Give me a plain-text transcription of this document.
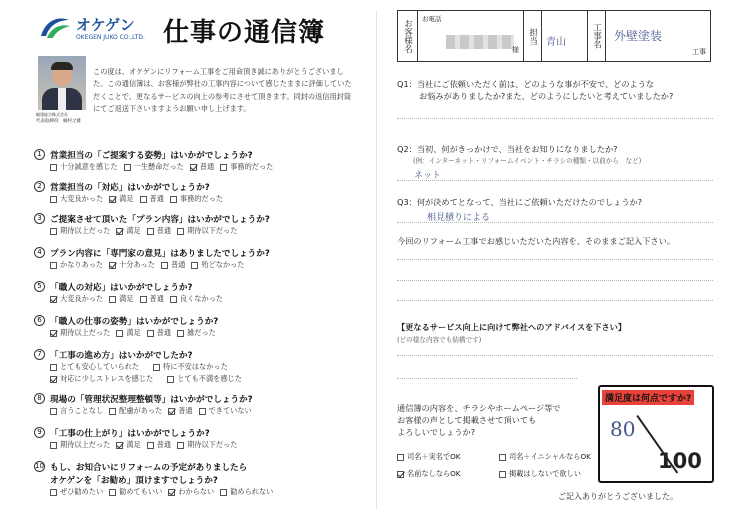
オケゲン
OKEGEN JUKO CO.,LTD. 仕事の通信簿
桶建総合株式会社
代表取締役　桶村之雄
この度は、オケゲンにリフォーム工事をご用命頂き誠にありがとうございました。この通信簿は、お客様が弊社の工事内容について感じたままに評価していただくことで、更なるサービスの向上の参考にさせて頂きます。同封の返信用封筒にてご返送下さいますようお願い申し上げます。
1 営業担当の「ご提案する姿勢」はいかがでしょうか?
十分誠意を感じた 一生懸命だった 普通 事務的だった
2 営業担当の「対応」はいかがでしょうか?
大変良かった 満足 普通 事務的だった
3 ご提案させて頂いた「プラン内容」はいかがでしょうか?
期待以上だった 満足 普通 期待以下だった
4 プラン内容に「専門家の意見」はありましたでしょうか?
かなりあった 十分あった 普通 殆どなかった
5 「職人の対応」はいかがでしょうか?
大変良かった 満足 普通 良くなかった
6 「職人の仕事の姿勢」はいかがでしょうか?
期待以上だった 満足 普通 雑だった
7 「工事の進め方」はいかがでしたか?
とても安心していられた	特に不安はなかった
対応に少しストレスを感じた	とても不満を感じた
8 現場の「管理状況整理整頓等」はいかがでしょうか?
言うことなし 配慮があった 普通 できていない
9 「工事の仕上がり」はいかがでしょうか?
期待以上だった 満足 普通 期待以下だった
10 もし、お知合いにリフォームの予定がありましたら
オケゲンを「お勧め」頂けますでしょうか?
ぜひ勧めたい 勧めてもいい わからない 勧められない
お客様名	お電話
様
担当 青山	工事名 外壁塗装
工事
Q1：当社にご依頼いただく前は、どのような事が不安で、どのような
お悩みがありましたか?また、どのようにしたいと考えていましたか?
Q2：当初、何がきっかけで、当社をお知りになりましたか?
(例：インターネット・リフォームイベント・チラシの種類・以前から　など)
ネット
Q3：何が決めてとなって、当社にご依頼いただけたのでしょうか?
相見積りによる
今回のリフォーム工事でお感じいただいた内容を、そのままご記入下さい。
【更なるサービス向上に向けて弊社へのアドバイスを下さい】
(どの様な内容でも結構です)
通信簿の内容を、チラシやホームページ等で
お客様の声として掲載させて頂いても
よろしいでしょうか?
司名＋実名でOK	司名＋イニシャルならOK
名前なしならOK	掲載はしないで欲しい
満足度は何点ですか?
80
100
ご記入ありがとうございました。
